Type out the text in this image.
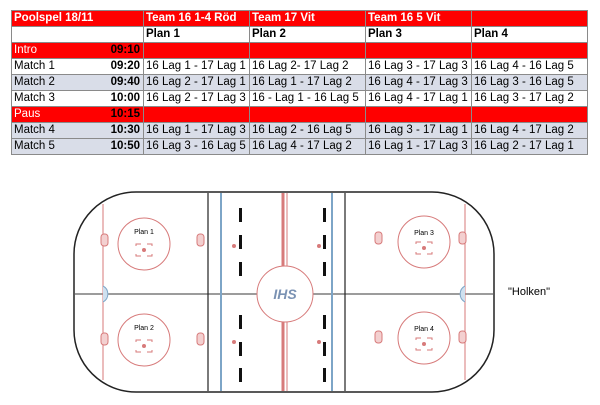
Poolspel 18/11	Team 16 1-4 Röd	Team 17 Vit	Team 16 5 Vit	
	Plan 1	Plan 2	Plan 3	Plan 4
Intro 09:10				

Match 1 09:20	16 Lag 1 - 17 Lag 1	16 Lag 2- 17 Lag 2	16 Lag 3 - 17 Lag 3	16 Lag 4 - 16 Lag 5
Match 2 09:40	16 Lag 2 - 17 Lag 1	16 Lag 1 - 17 Lag 2	16 Lag 4 - 17 Lag 3	16 Lag 3 - 16 Lag 5
Match 3 10:00	16 Lag 2 - 17 Lag 3	16 - Lag 1 - 16 Lag 5	16 Lag 4 - 17 Lag 1	16 Lag 3 - 17 Lag 2
Paus 10:15				

Match 4 10:30	16 Lag 1 - 17 Lag 3	16 Lag 2 - 16 Lag 5	16 Lag 3 - 17 Lag 1	16 Lag 4 - 17 Lag 2
Match 5 10:50	16 Lag 3 - 16 Lag 5	16 Lag 4 - 17 Lag 2	16 Lag 1 - 17 Lag 3	16 Lag 2 - 17 Lag 1
Plan 1
Plan 2
Plan 3
Plan 4
IHS	"Holken"
